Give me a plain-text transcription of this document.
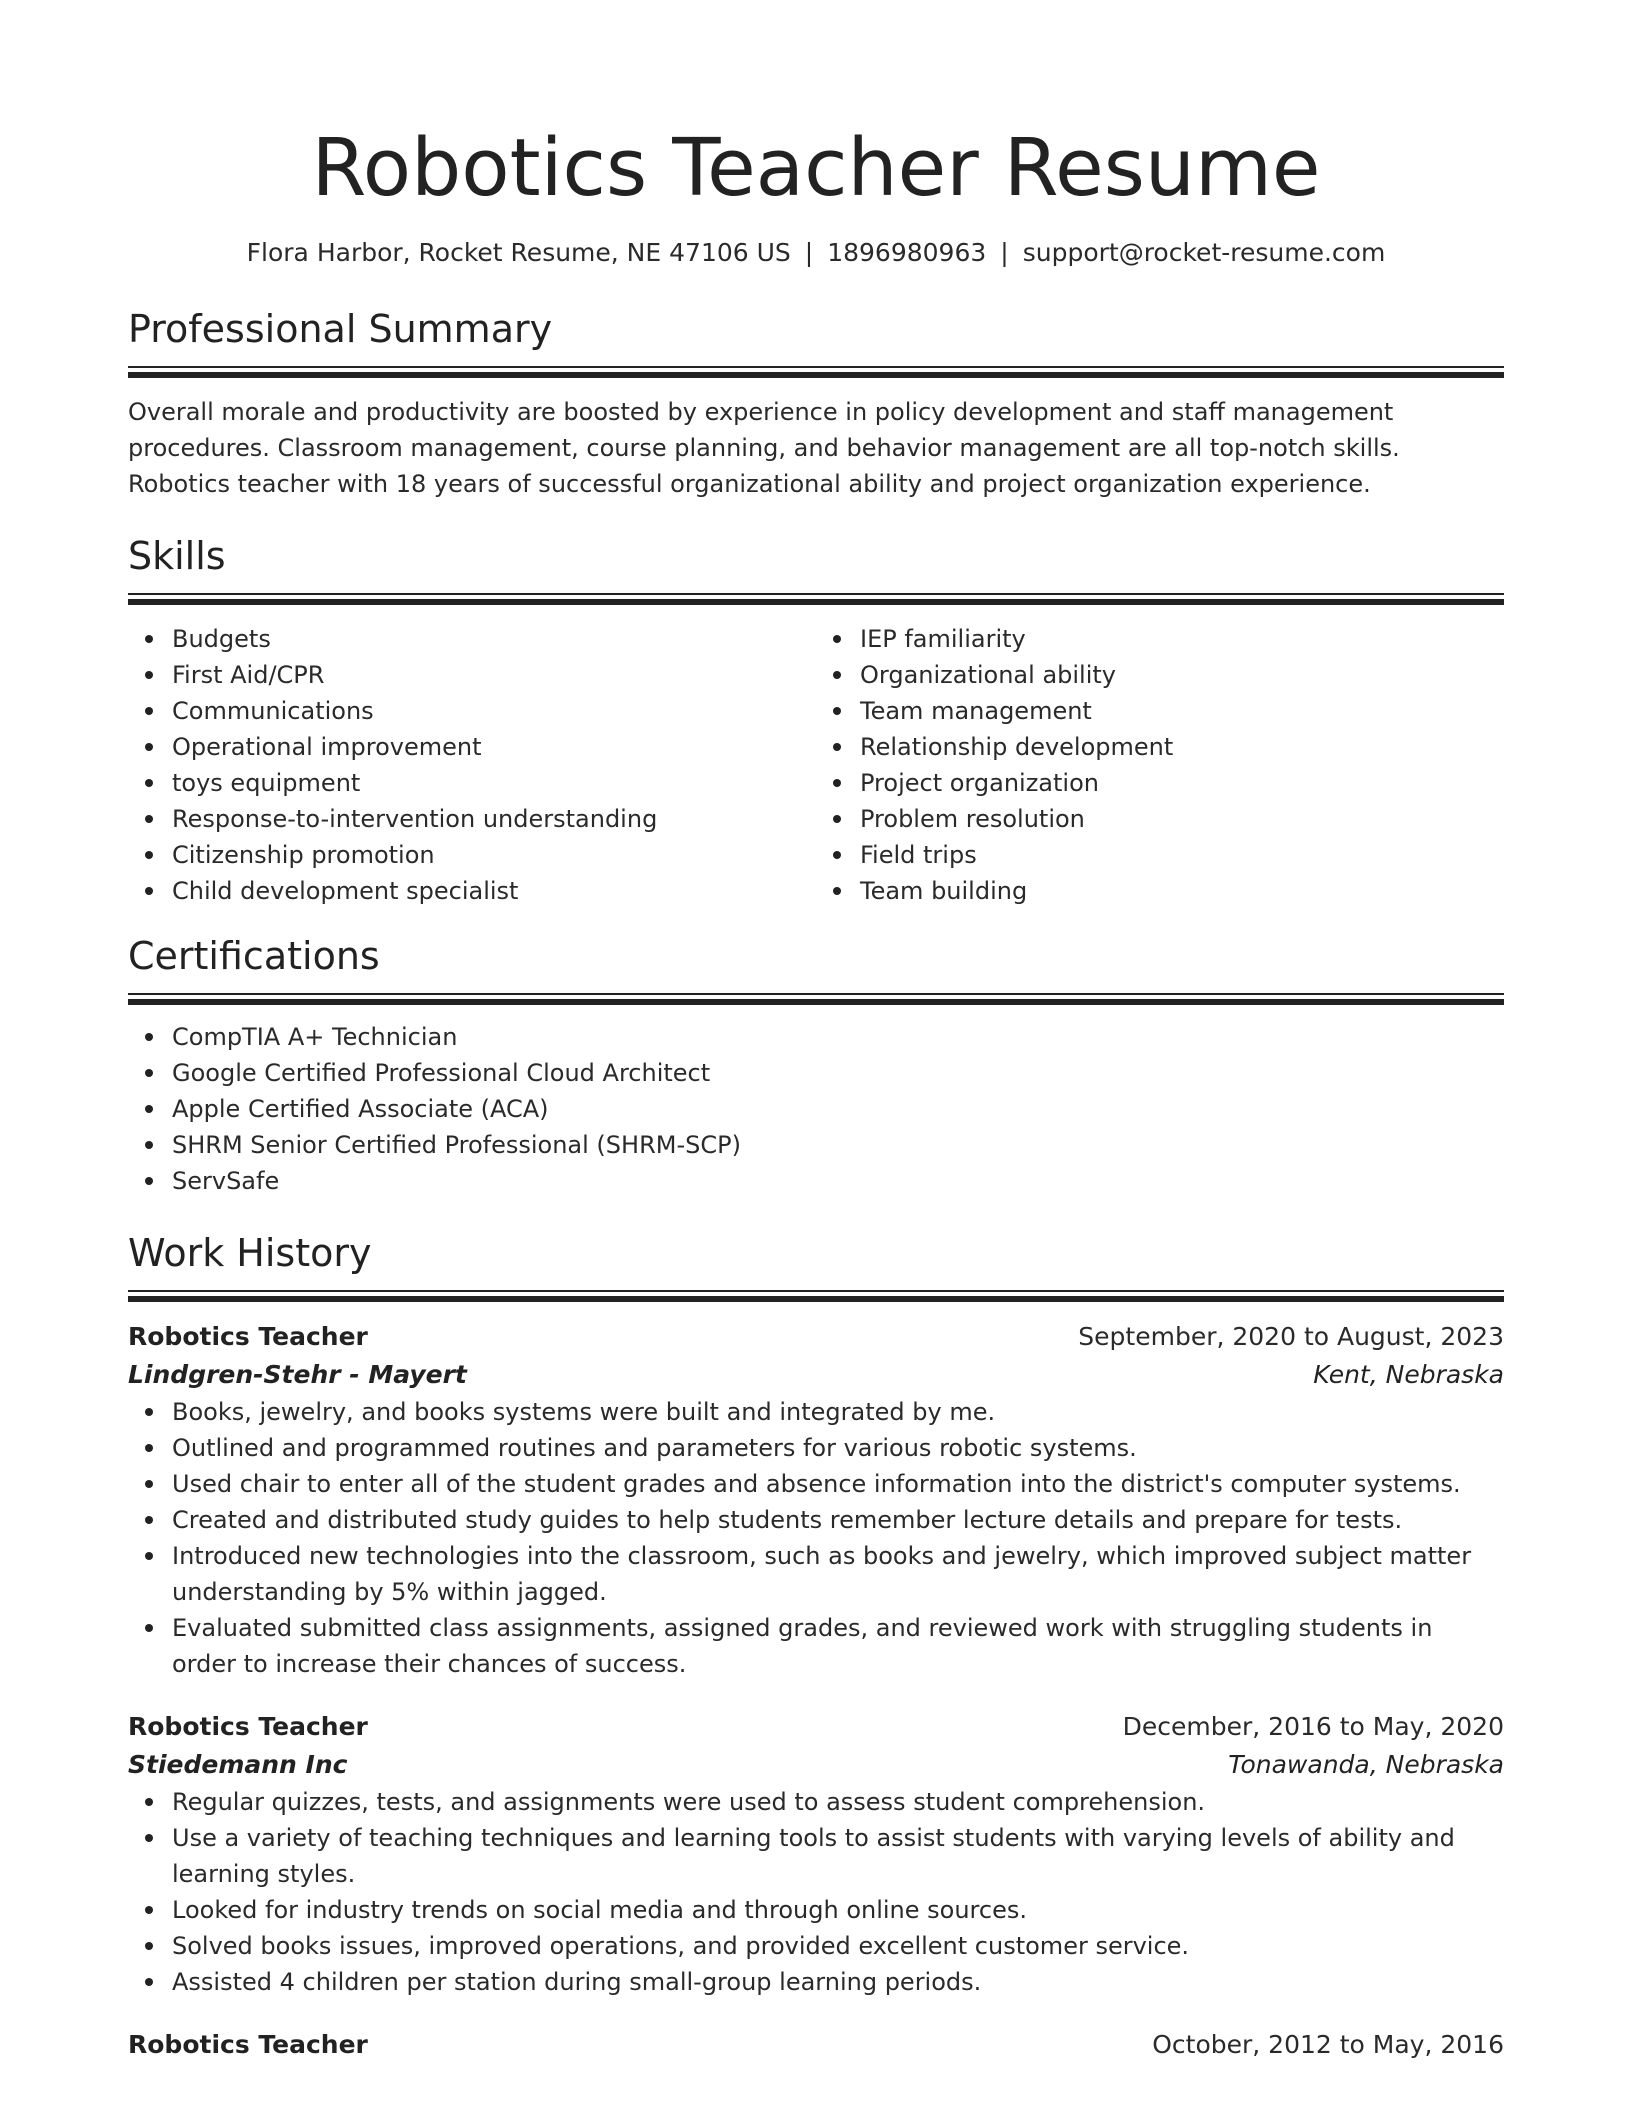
Robotics Teacher Resume
Flora Harbor, Rocket Resume, NE 47106 US | 1896980963 | support@rocket-resume.com
Professional Summary

Overall morale and productivity are boosted by experience in policy development and staff management procedures. Classroom management, course planning, and behavior management are all top-notch skills. Robotics teacher with 18 years of successful organizational ability and project organization experience.

Skills
Budgets
First Aid/CPR
Communications
Operational improvement
toys equipment
Response-to-intervention understanding
Citizenship promotion
Child development specialist
IEP familiarity
Organizational ability
Team management
Relationship development
Project organization
Problem resolution
Field trips
Team building
Certifications
CompTIA A+ Technician
Google Certified Professional Cloud Architect
Apple Certified Associate (ACA)
SHRM Senior Certified Professional (SHRM-SCP)
ServSafe
Work History
Robotics Teacher	September, 2020 to August, 2023
Lindgren-Stehr - Mayert	Kent, Nebraska
Books, jewelry, and books systems were built and integrated by me.
Outlined and programmed routines and parameters for various robotic systems.
Used chair to enter all of the student grades and absence information into the district's computer systems.
Created and distributed study guides to help students remember lecture details and prepare for tests.
Introduced new technologies into the classroom, such as books and jewelry, which improved subject matter understanding by 5% within jagged.
Evaluated submitted class assignments, assigned grades, and reviewed work with struggling students in order to increase their chances of success.
Robotics Teacher	December, 2016 to May, 2020
Stiedemann Inc	Tonawanda, Nebraska
Regular quizzes, tests, and assignments were used to assess student comprehension.
Use a variety of teaching techniques and learning tools to assist students with varying levels of ability and learning styles.
Looked for industry trends on social media and through online sources.
Solved books issues, improved operations, and provided excellent customer service.
Assisted 4 children per station during small-group learning periods.
Robotics Teacher	October, 2012 to May, 2016
